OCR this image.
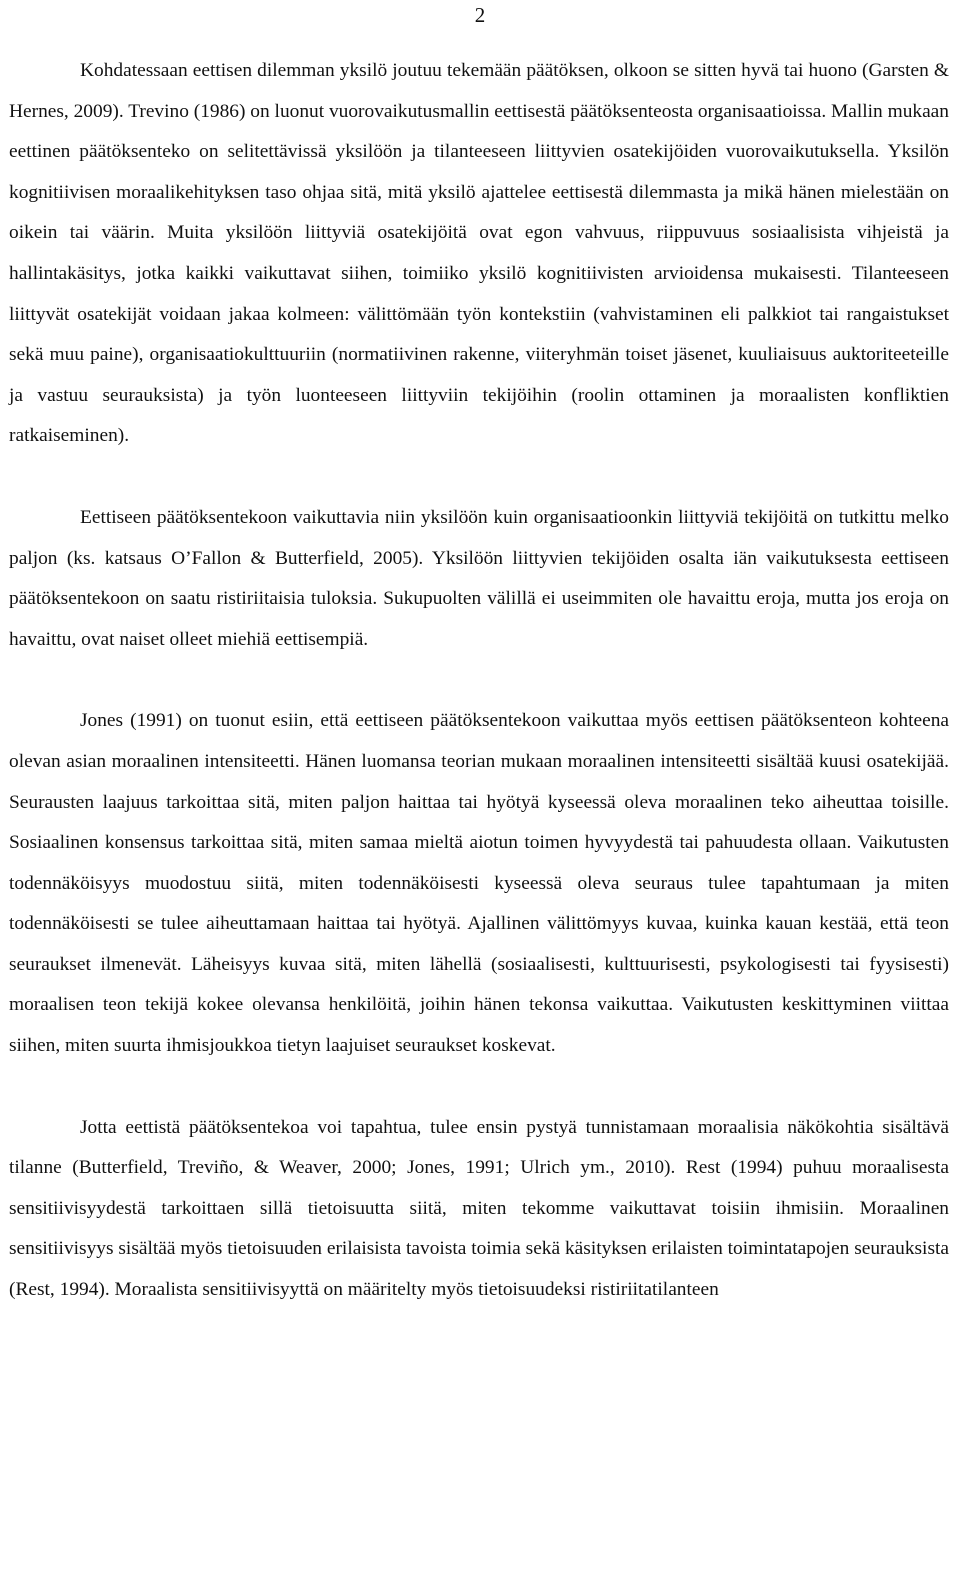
2

Kohdatessaan eettisen dilemman yksilö joutuu tekemään päätöksen, olkoon se sitten hyvä tai huono (Garsten & Hernes, 2009). Trevino (1986) on luonut vuorovaikutusmallin eettisestä päätöksenteosta organisaatioissa. Mallin mukaan eettinen päätöksenteko on selitettävissä yksilöön ja tilanteeseen liittyvien osatekijöiden vuorovaikutuksella. Yksilön kognitiivisen moraalikehityksen taso ohjaa sitä, mitä yksilö ajattelee eettisestä dilemmasta ja mikä hänen mielestään on oikein tai väärin. Muita yksilöön liittyviä osatekijöitä ovat egon vahvuus, riippuvuus sosiaalisista vihjeistä ja hallintakäsitys, jotka kaikki vaikuttavat siihen, toimiiko yksilö kognitiivisten arvioidensa mukaisesti. Tilanteeseen liittyvät osatekijät voidaan jakaa kolmeen: välittömään työn kontekstiin (vahvistaminen eli palkkiot tai rangaistukset sekä muu paine), organisaatiokulttuuriin (normatiivinen rakenne, viiteryhmän toiset jäsenet, kuuliaisuus auktoriteeteille ja vastuu seurauksista) ja työn luonteeseen liittyviin tekijöihin (roolin ottaminen ja moraalisten konfliktien ratkaiseminen).

Eettiseen päätöksentekoon vaikuttavia niin yksilöön kuin organisaatioonkin liittyviä tekijöitä on tutkittu melko paljon (ks. katsaus O’Fallon & Butterfield, 2005). Yksilöön liittyvien tekijöiden osalta iän vaikutuksesta eettiseen päätöksentekoon on saatu ristiriitaisia tuloksia. Sukupuolten välillä ei useimmiten ole havaittu eroja, mutta jos eroja on havaittu, ovat naiset olleet miehiä eettisempiä.

Jones (1991) on tuonut esiin, että eettiseen päätöksentekoon vaikuttaa myös eettisen päätöksenteon kohteena olevan asian moraalinen intensiteetti. Hänen luomansa teorian mukaan moraalinen intensiteetti sisältää kuusi osatekijää. Seurausten laajuus tarkoittaa sitä, miten paljon haittaa tai hyötyä kyseessä oleva moraalinen teko aiheuttaa toisille. Sosiaalinen konsensus tarkoittaa sitä, miten samaa mieltä aiotun toimen hyvyydestä tai pahuudesta ollaan. Vaikutusten todennäköisyys muodostuu siitä, miten todennäköisesti kyseessä oleva seuraus tulee tapahtumaan ja miten todennäköisesti se tulee aiheuttamaan haittaa tai hyötyä. Ajallinen välittömyys kuvaa, kuinka kauan kestää, että teon seuraukset ilmenevät. Läheisyys kuvaa sitä, miten lähellä (sosiaalisesti, kulttuurisesti, psykologisesti tai fyysisesti) moraalisen teon tekijä kokee olevansa henkilöitä, joihin hänen tekonsa vaikuttaa. Vaikutusten keskittyminen viittaa siihen, miten suurta ihmisjoukkoa tietyn laajuiset seuraukset koskevat.

Jotta eettistä päätöksentekoa voi tapahtua, tulee ensin pystyä tunnistamaan moraalisia näkökohtia sisältävä tilanne (Butterfield, Treviño, & Weaver, 2000; Jones, 1991; Ulrich ym., 2010). Rest (1994) puhuu moraalisesta sensitiivisyydestä tarkoittaen sillä tietoisuutta siitä, miten tekomme vaikuttavat toisiin ihmisiin. Moraalinen sensitiivisyys sisältää myös tietoisuuden erilaisista tavoista toimia sekä käsityksen erilaisten toimintatapojen seurauksista (Rest, 1994). Moraalista sensitiivisyyttä on määritelty myös tietoisuudeksi ristiriitatilanteen
